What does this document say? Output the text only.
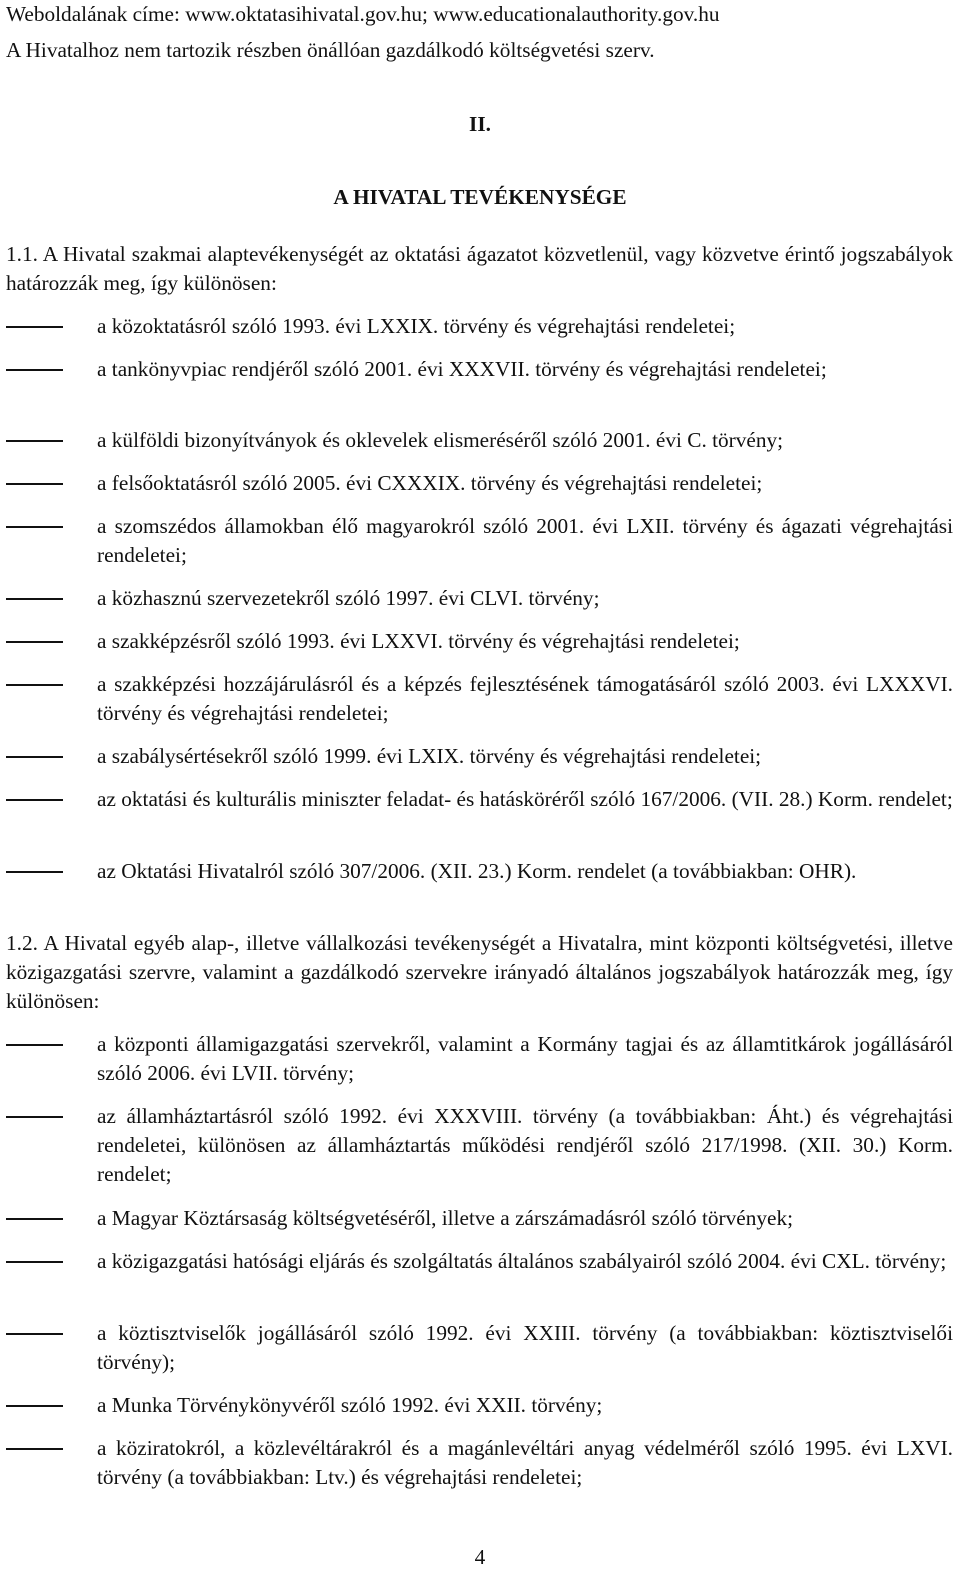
Weboldalának címe: www.oktatasihivatal.gov.hu; www.educationalauthority.gov.hu
A Hivatalhoz nem tartozik részben önállóan gazdálkodó költségvetési szerv.
II.
A HIVATAL TEVÉKENYSÉGE
1.1. A Hivatal szakmai alaptevékenységét az oktatási ágazatot közvetlenül, vagy közvetve érintő jogszabályok határozzák meg, így különösen:
a közoktatásról szóló 1993. évi LXXIX. törvény és végrehajtási rendeletei;
a tankönyvpiac rendjéről szóló 2001. évi XXXVII. törvény és végrehajtási rendeletei;
a külföldi bizonyítványok és oklevelek elismeréséről szóló 2001. évi C. törvény;
a felsőoktatásról szóló 2005. évi CXXXIX. törvény és végrehajtási rendeletei;
a szomszédos államokban élő magyarokról szóló 2001. évi LXII. törvény és ágazati végrehajtási rendeletei;
a közhasznú szervezetekről szóló 1997. évi CLVI. törvény;
a szakképzésről szóló 1993. évi LXXVI. törvény és végrehajtási rendeletei;
a szakképzési hozzájárulásról és a képzés fejlesztésének támogatásáról szóló 2003. évi LXXXVI. törvény és végrehajtási rendeletei;
a szabálysértésekről szóló 1999. évi LXIX. törvény és végrehajtási rendeletei;
az oktatási és kulturális miniszter feladat- és hatásköréről szóló 167/2006. (VII. 28.) Korm. rendelet;
az Oktatási Hivatalról szóló 307/2006. (XII. 23.) Korm. rendelet (a továbbiakban: OHR).
1.2. A Hivatal egyéb alap-, illetve vállalkozási tevékenységét a Hivatalra, mint központi költségvetési, illetve közigazgatási szervre, valamint a gazdálkodó szervekre irányadó általános jogszabályok határozzák meg, így különösen:
a központi államigazgatási szervekről, valamint a Kormány tagjai és az államtitkárok jogállásáról szóló 2006. évi LVII. törvény;
az államháztartásról szóló 1992. évi XXXVIII. törvény (a továbbiakban: Áht.) és végrehajtási rendeletei, különösen az államháztartás működési rendjéről szóló 217/1998. (XII. 30.) Korm. rendelet;
a Magyar Köztársaság költségvetéséről, illetve a zárszámadásról szóló törvények;
a közigazgatási hatósági eljárás és szolgáltatás általános szabályairól szóló 2004. évi CXL. törvény;
a köztisztviselők jogállásáról szóló 1992. évi XXIII. törvény (a továbbiakban: köztisztviselői törvény);
a Munka Törvénykönyvéről szóló 1992. évi XXII. törvény;
a köziratokról, a közlevéltárakról és a magánlevéltári anyag védelméről szóló 1995. évi LXVI. törvény (a továbbiakban: Ltv.) és végrehajtási rendeletei;
4
